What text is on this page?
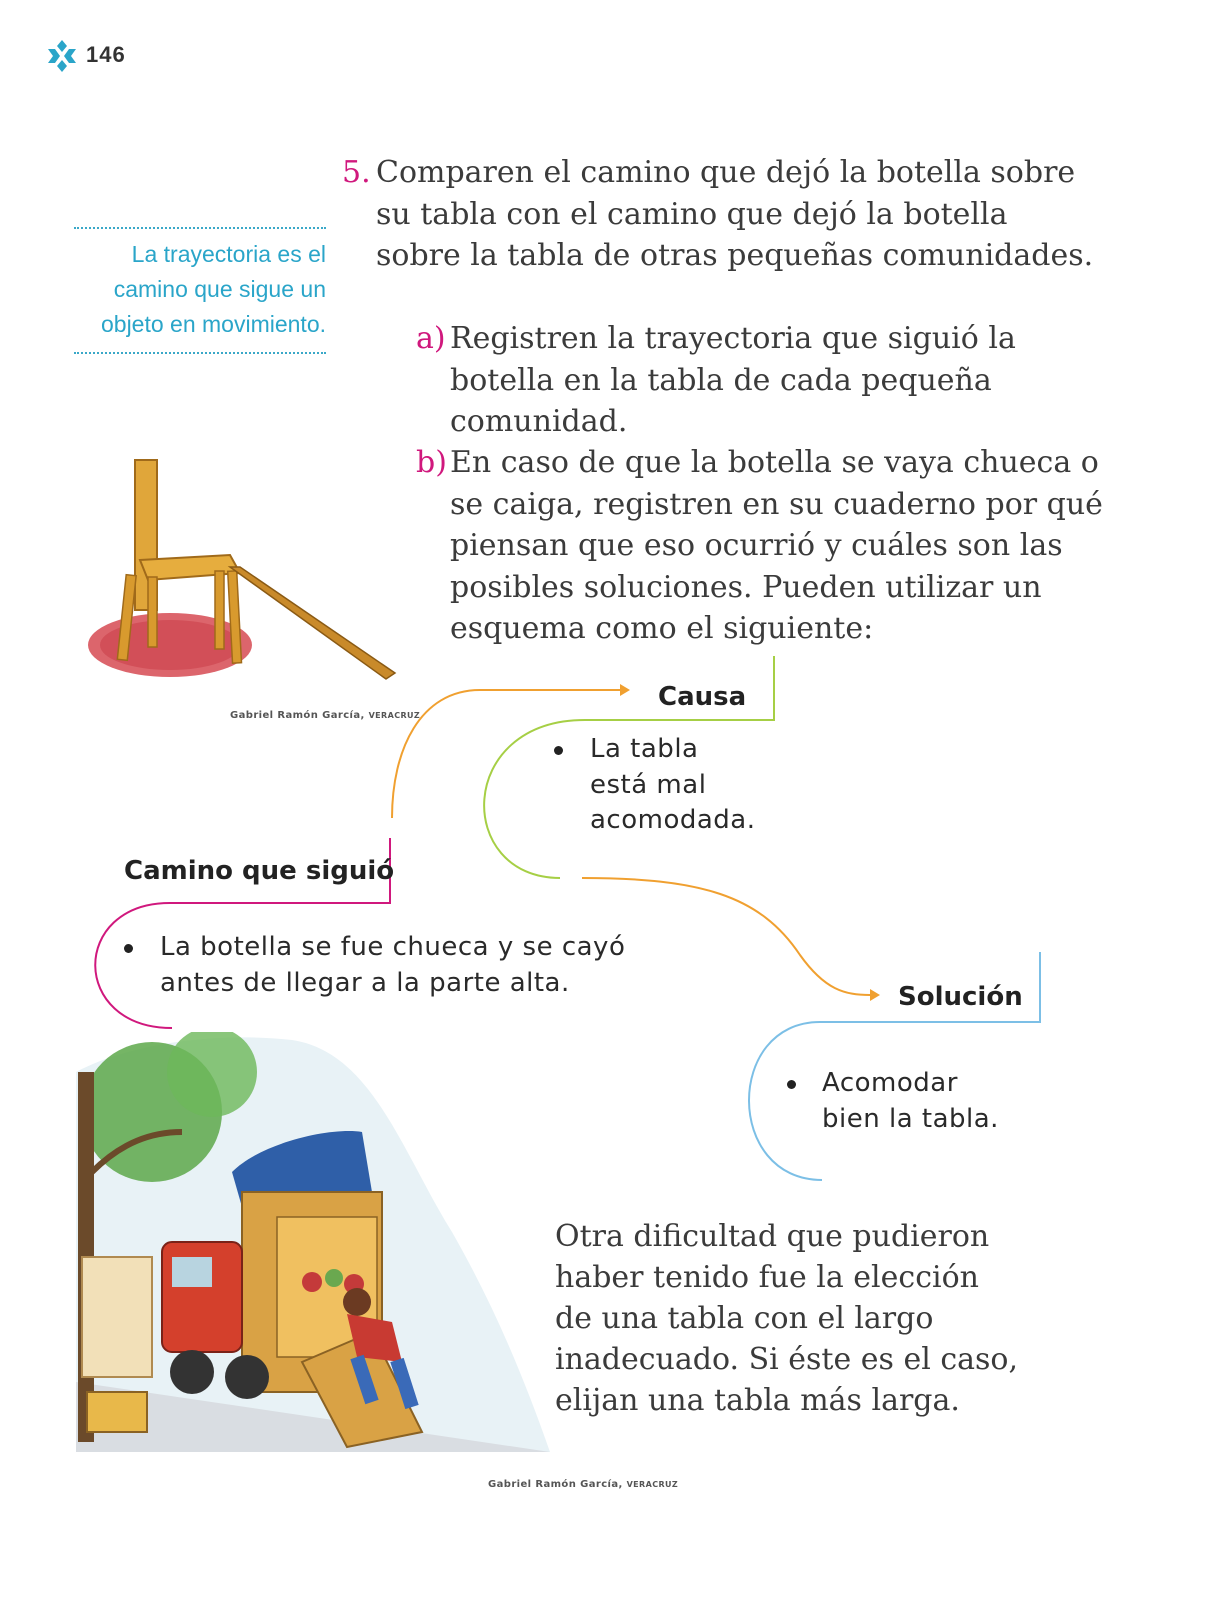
146

La trayectoria es el

camino que sigue un

objeto en movimiento.

5. Comparen el camino que dejó la botella sobre su tabla con el camino que dejó la botella sobre la tabla de otras pequeñas comunidades.
a) Registren la trayectoria que siguió la botella en la tabla de cada pequeña comunidad.
b) En caso de que la botella se vaya chueca o se caiga, registren en su cuaderno por qué piensan que eso ocurrió y cuáles son las posibles soluciones. Pueden utilizar un esquema como el siguiente:
Gabriel Ramón García, VERACRUZ
Causa
La tabla
está mal
acomodada.
Camino que siguió
La botella se fue chueca y se cayó
antes de llegar a la parte alta.	Solución
Acomodar
bien la tabla.
Gabriel Ramón García, VERACRUZ
Otra dificultad que pudieron haber tenido fue la elección de una tabla con el largo inadecuado. Si éste es el caso, elijan una tabla más larga.
